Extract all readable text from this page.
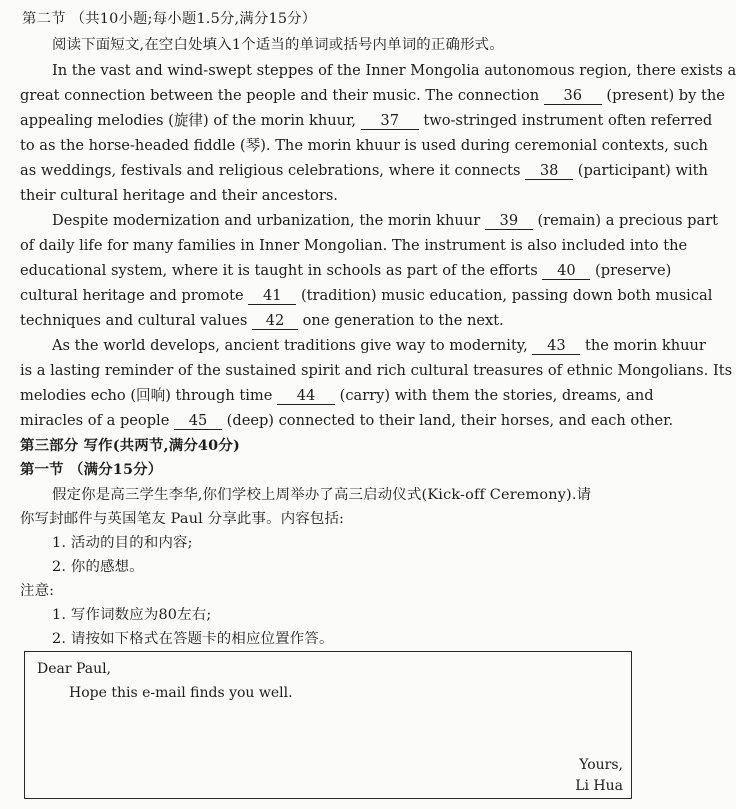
第二节 （共10小题;每小题1.5分,满分15分）
阅读下面短文,在空白处填入1个适当的单词或括号内单词的正确形式。
In the vast and wind-swept steppes of the Inner Mongolia autonomous region, there exists a
great connection between the people and their music. The connection 36 (present) by the
appealing melodies (旋律) of the morin khuur, 37 two-stringed instrument often referred
to as the horse-headed fiddle (琴). The morin khuur is used during ceremonial contexts, such
as weddings, festivals and religious celebrations, where it connects 38 (participant) with
their cultural heritage and their ancestors.
Despite modernization and urbanization, the morin khuur 39 (remain) a precious part
of daily life for many families in Inner Mongolian. The instrument is also included into the
educational system, where it is taught in schools as part of the efforts 40 (preserve)
cultural heritage and promote 41 (tradition) music education, passing down both musical
techniques and cultural values 42 one generation to the next.
As the world develops, ancient traditions give way to modernity, 43 the morin khuur
is a lasting reminder of the sustained spirit and rich cultural treasures of ethnic Mongolians. Its
melodies echo (回响) through time 44 (carry) with them the stories, dreams, and
miracles of a people 45 (deep) connected to their land, their horses, and each other.
第三部分 写作(共两节,满分40分)
第一节 （满分15分）
假定你是高三学生李华,你们学校上周举办了高三启动仪式(Kick-off Ceremony).请
你写封邮件与英国笔友 Paul 分享此事。内容包括:
1. 活动的目的和内容;
2. 你的感想。
注意:
1. 写作词数应为80左右;
2. 请按如下格式在答题卡的相应位置作答。
Dear Paul,
Hope this e-mail finds you well.
Yours,
Li Hua
